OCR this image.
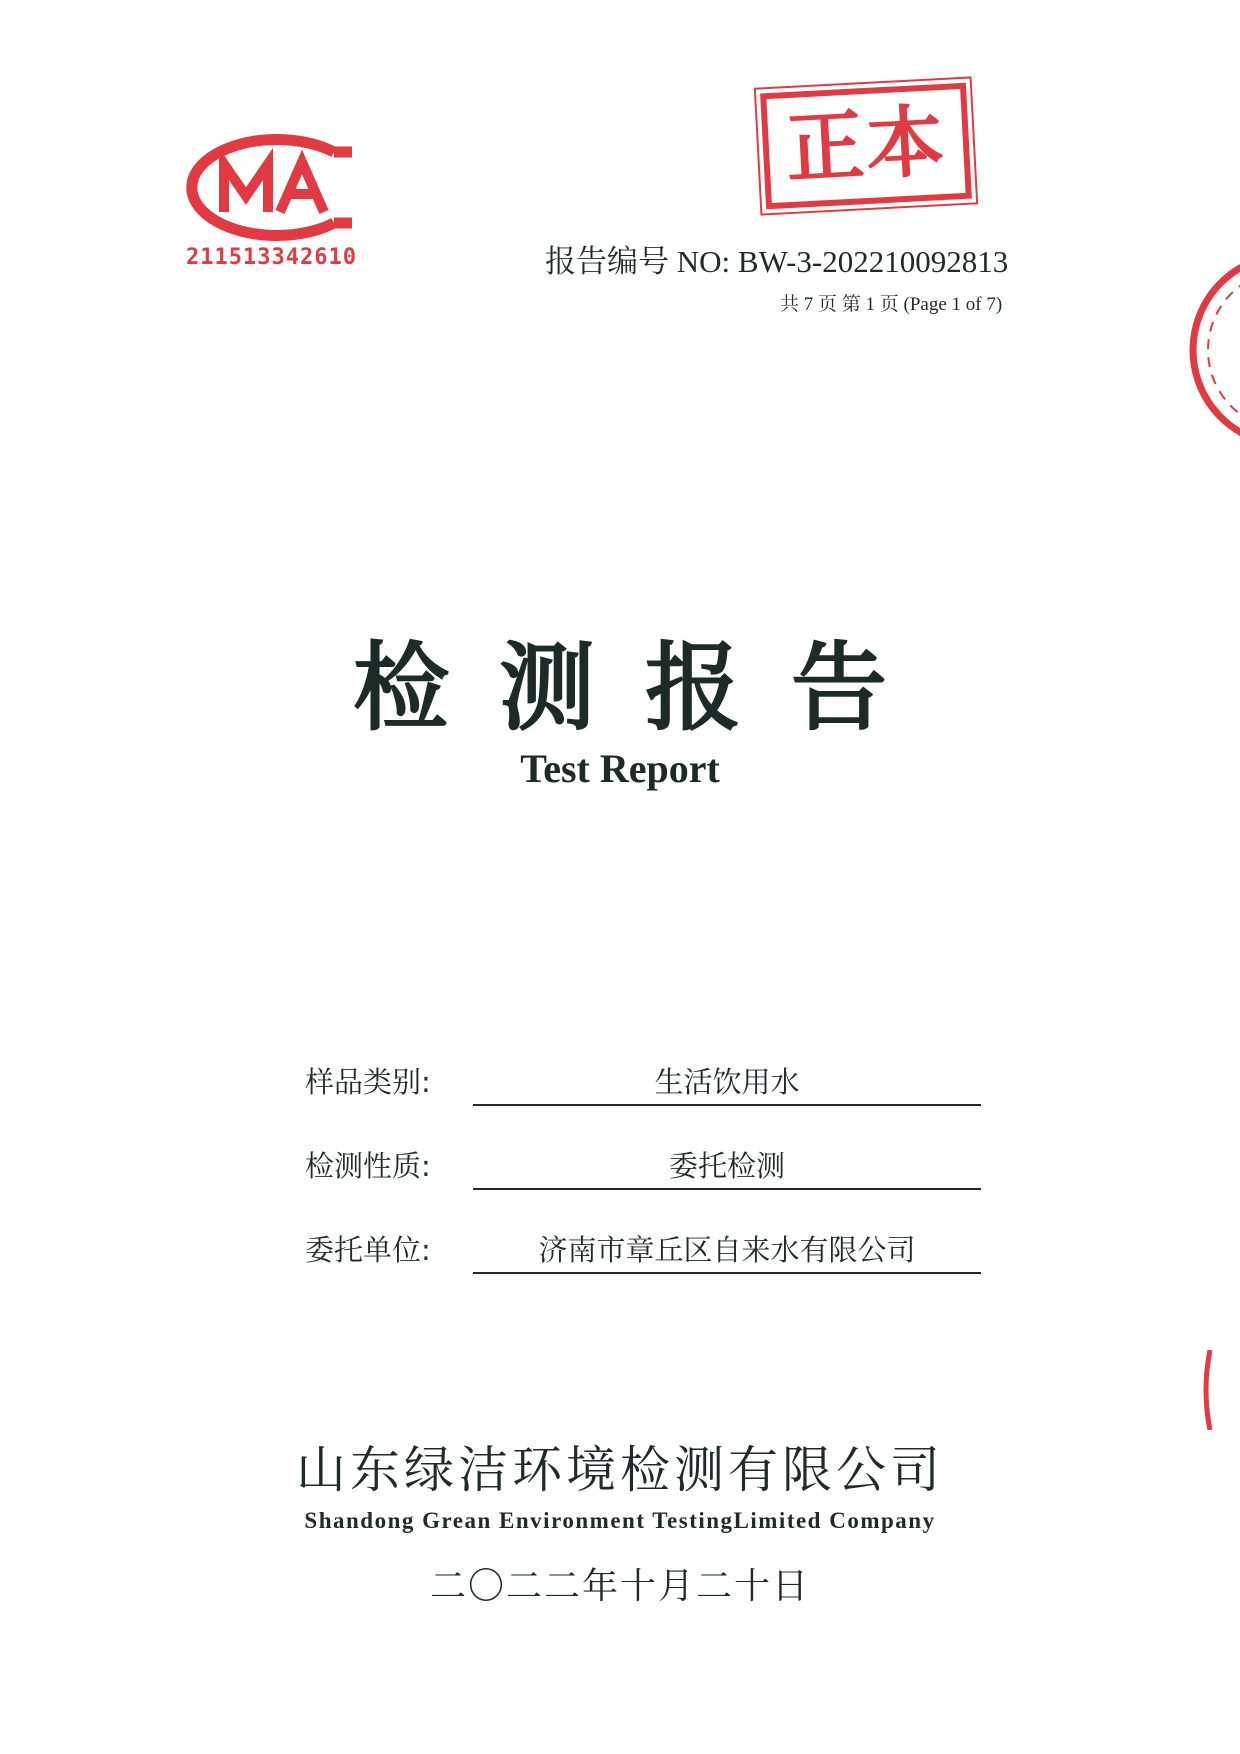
211513342610
正本
报告编号 NO: BW-3-202210092813
共 7 页 第 1 页 (Page 1 of 7)
检测报告
Test Report
样品类别:	生活饮用水
检测性质:	委托检测
委托单位:	济南市章丘区自来水有限公司
山东绿洁环境检测有限公司
Shandong Grean Environment TestingLimited Company
二〇二二年十月二十日
